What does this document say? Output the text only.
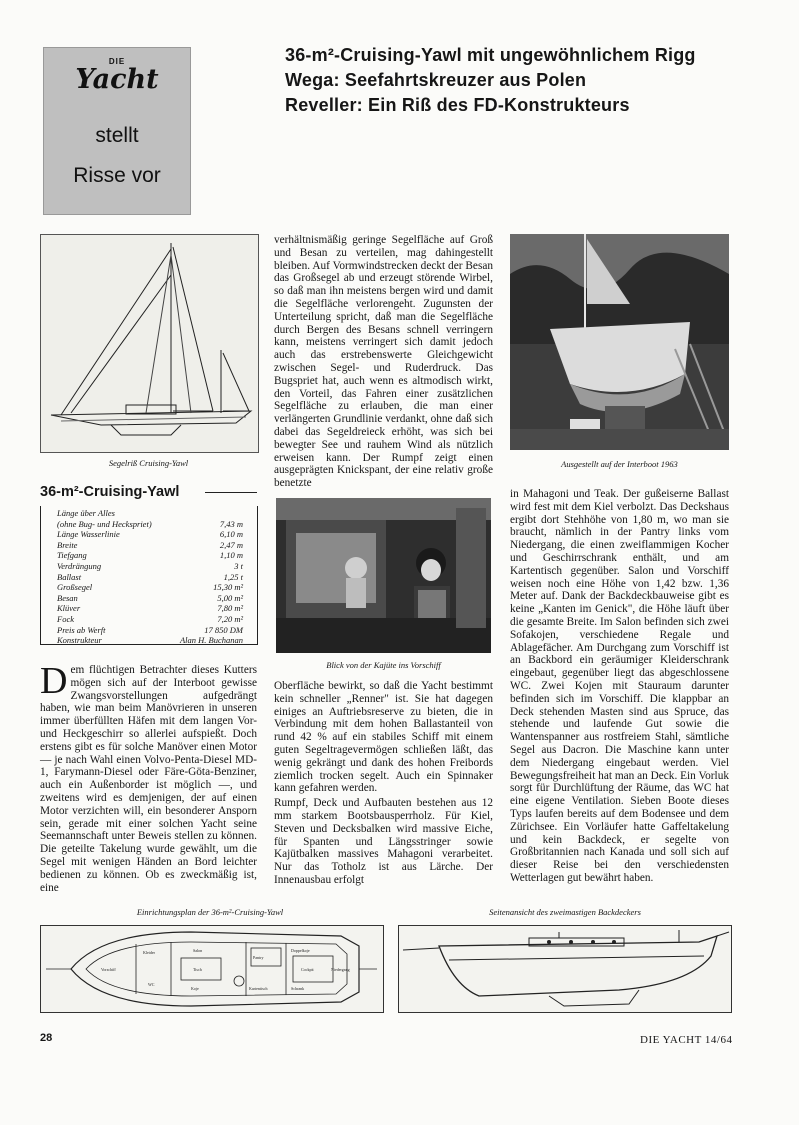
DIE
Yacht
stellt
Risse vor
36-m²-Cruising-Yawl mit ungewöhnlichem Rigg
Wega: Seefahrtskreuzer aus Polen
Reveller: Ein Riß des FD-Konstrukteurs
Segelriß Cruising-Yawl
36-m²-Cruising-Yawl
Länge über Alles
(ohne Bug- und Heckspriet)	7,43 m
Länge Wasserlinie	6,10 m
Breite	2,47 m
Tiefgang	1,10 m
Verdrängung	3 t
Ballast	1,25 t
Großsegel	15,30 m²
Besan	5,00 m²
Klüver	7,80 m²
Fock	7,20 m²
Preis ab Werft	17 850 DM
Konstrukteur	Alan H. Buchanan

Dem flüchtigen Betrachter dieses Kutters mögen sich auf der Interboot gewisse Zwangsvorstellungen aufgedrängt haben, wie man beim Manövrieren in unseren immer überfüllten Häfen mit dem langen Vor- und Heckgeschirr so allerlei aufspießt. Doch erstens gibt es für solche Manöver einen Motor — je nach Wahl einen Volvo-Penta-Diesel MD-1, Farymann-Diesel oder Färe-Göta-Benziner, auch ein Außenborder ist möglich —, und zweitens wird es demjenigen, der auf einen Motor verzichten will, ein besonderer Ansporn sein, gerade mit einer solchen Yacht seine Seemannschaft unter Beweis stellen zu können. Die geteilte Takelung wurde gewählt, um die Segel mit wenigen Händen an Bord leichter bedienen zu können. Ob es zweckmäßig ist, eine

verhältnismäßig geringe Segelfläche auf Groß und Besan zu verteilen, mag dahingestellt bleiben. Auf Vormwindstrecken deckt der Besan das Großsegel ab und erzeugt störende Wirbel, so daß man ihn meistens bergen wird und damit die Segelfläche verlorengeht. Zugunsten der Unterteilung spricht, daß man die Segelfläche durch Bergen des Besans schnell verringern kann, meistens verringert sich damit jedoch auch das erstrebenswerte Gleichgewicht zwischen Segel- und Ruderdruck. Das Bugspriet hat, auch wenn es altmodisch wirkt, den Vorteil, das Fahren einer zusätzlichen Segelfläche zu erlauben, die man einer verlängerten Grundlinie verdankt, ohne daß sich dabei das Segeldreieck erhöht, was sich bei bewegter See und rauhem Wind als nützlich erweisen kann. Der Rumpf zeigt einen ausgeprägten Knickspant, der eine relativ große benetzte

Blick von der Kajüte ins Vorschiff

Oberfläche bewirkt, so daß die Yacht bestimmt kein schneller „Renner" ist. Sie hat dagegen einiges an Auftriebsreserve zu bieten, die in Verbindung mit dem hohen Ballastanteil von rund 42 % auf ein stabiles Schiff mit einem guten Segeltragevermögen schließen läßt, das wenig gekrängt und dank des hohen Freibords ziemlich trocken segelt. Auch ein Spinnaker kann gefahren werden.

Rumpf, Deck und Aufbauten bestehen aus 12 mm starkem Bootsbausperrholz. Für Kiel, Steven und Decksbalken wird massive Eiche, für Spanten und Längsstringer sowie Kajütbalken massives Mahagoni verarbeitet. Nur das Totholz ist aus Lärche. Der Innenausbau erfolgt

Ausgestellt auf der Interboot 1963

in Mahagoni und Teak. Der gußeiserne Ballast wird fest mit dem Kiel verbolzt. Das Deckshaus ergibt dort Stehhöhe von 1,80 m, wo man sie braucht, nämlich in der Pantry links vom Niedergang, die einen zweiflammigen Kocher und Geschirrschrank enthält, und am Kartentisch gegenüber. Salon und Vorschiff weisen noch eine Höhe von 1,42 bzw. 1,36 Meter auf. Dank der Backdeckbauweise gibt es keine „Kanten im Genick", die Höhe läuft über die gesamte Breite. Im Salon befinden sich zwei Sofakojen, verschiedene Regale und Ablagefächer. Am Durchgang zum Vorschiff ist an Backbord ein geräumiger Kleiderschrank eingebaut, gegenüber liegt das abgeschlossene WC. Zwei Kojen mit Stauraum darunter befinden sich im Vorschiff. Die klappbar an Deck stehenden Masten sind aus Spruce, das stehende und laufende Gut sowie die Wantenspanner aus rostfreiem Stahl, sämtliche Segel aus Dacron. Die Maschine kann unter dem Niedergang eingebaut werden. Viel Bewegungsfreiheit hat man an Deck. Ein Vorluk sorgt für Durchlüftung der Räume, das WC hat eine eigene Ventilation. Sieben Boote dieses Typs laufen bereits auf dem Bodensee und dem Zürichsee. Ein Vorläufer hatte Gaffeltakelung und kein Backdeck, er segelte von Großbritannien nach Kanada und soll sich auf dieser Reise bei den verschiedensten Wetterlagen gut bewährt haben.

Einrichtungsplan der 36-m²-Cruising-Yawl	Seitenansicht des zweimastigen Backdeckers
Vorschiff
Kleider
WC
Salon
Koje
Tisch
Pantry
Kartentisch
Cockpit
Doppelkoje
Schrank
Niedergang
28	DIE YACHT 14/64
